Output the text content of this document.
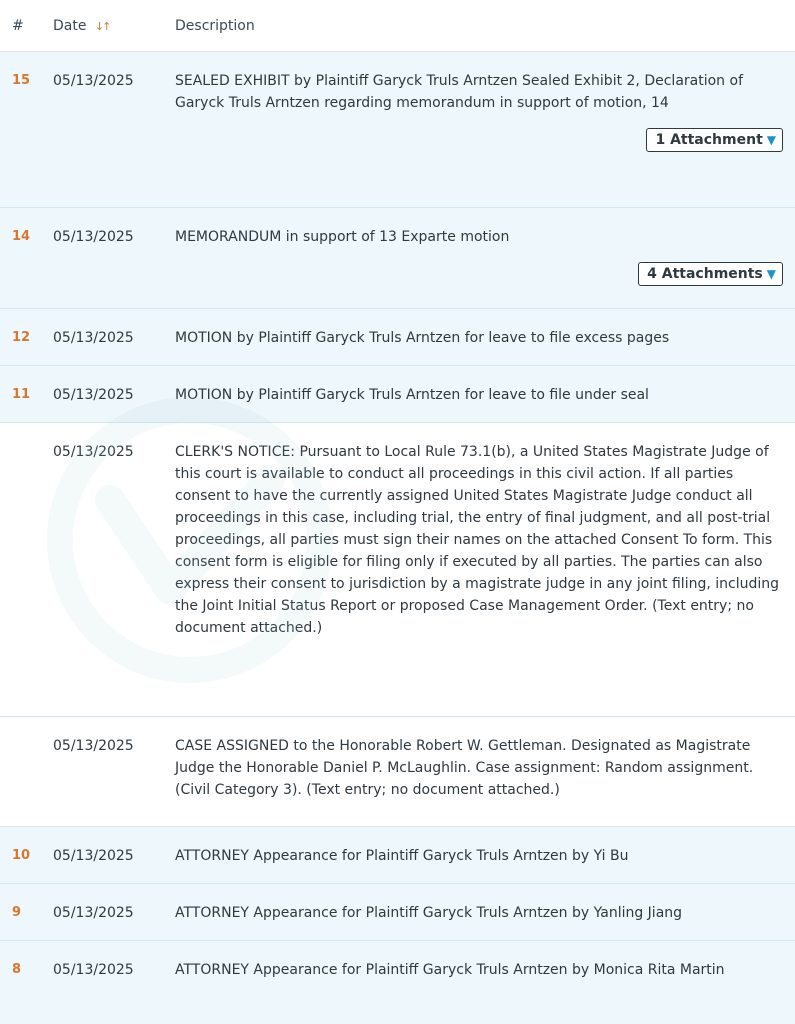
#	Date ↓↑	Description
15	05/13/2025	SEALED EXHIBIT by Plaintiff Garyck Truls Arntzen Sealed Exhibit 2, Declaration of Garyck Truls Arntzen regarding memorandum in support of motion, 14
1 Attachment ▼
14	05/13/2025	MEMORANDUM in support of 13 Exparte motion
4 Attachments ▼
12	05/13/2025	MOTION by Plaintiff Garyck Truls Arntzen for leave to file excess pages
11	05/13/2025	MOTION by Plaintiff Garyck Truls Arntzen for leave to file under seal
05/13/2025	CLERK'S NOTICE: Pursuant to Local Rule 73.1(b), a United States Magistrate Judge of this court is available to conduct all proceedings in this civil action. If all parties consent to have the currently assigned United States Magistrate Judge conduct all proceedings in this case, including trial, the entry of final judgment, and all post-trial proceedings, all parties must sign their names on the attached Consent To form. This consent form is eligible for filing only if executed by all parties. The parties can also express their consent to jurisdiction by a magistrate judge in any joint filing, including the Joint Initial Status Report or proposed Case Management Order. (Text entry; no document attached.)
05/13/2025	CASE ASSIGNED to the Honorable Robert W. Gettleman. Designated as Magistrate Judge the Honorable Daniel P. McLaughlin. Case assignment: Random assignment. (Civil Category 3). (Text entry; no document attached.)
10	05/13/2025	ATTORNEY Appearance for Plaintiff Garyck Truls Arntzen by Yi Bu
9	05/13/2025	ATTORNEY Appearance for Plaintiff Garyck Truls Arntzen by Yanling Jiang
8	05/13/2025	ATTORNEY Appearance for Plaintiff Garyck Truls Arntzen by Monica Rita Martin
